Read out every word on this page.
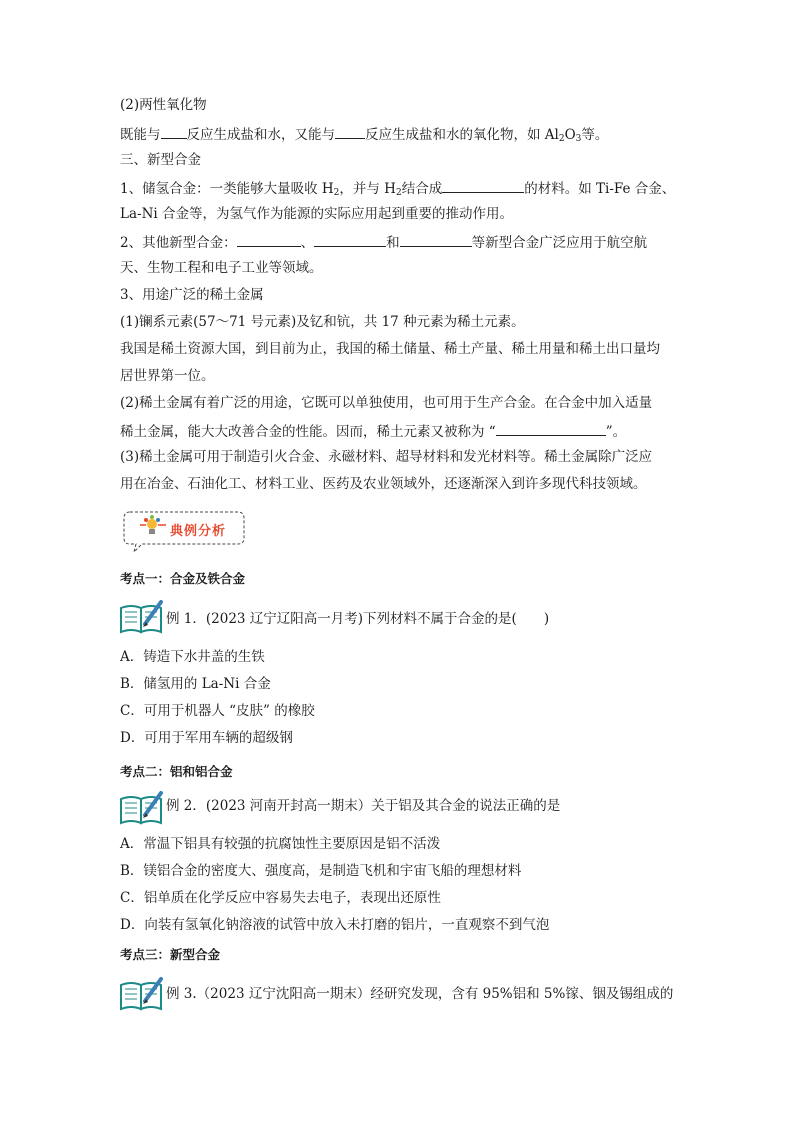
(2)两性氧化物
既能与 反应生成盐和水，又能与 反应生成盐和水的氧化物，如 $Al_2O_3$等。
三、新型合金
1、储氢合金：一类能够大量吸收 $H_2$，并与 $H_2$结合成	的材料。如 Ti-Fe 合金、
La-Ni 合金等，为氢气作为能源的实际应用起到重要的推动作用。
2、其他新型合金：	、	和	等新型合金广泛应用于航空航
天、生物工程和电子工业等领域。
3、用途广泛的稀土金属
(1)镧系元素(57～71 号元素)及钇和钪，共 17 种元素为稀土元素。
我国是稀土资源大国，到目前为止，我国的稀土储量、稀土产量、稀土用量和稀土出口量均
居世界第一位。
(2)稀土金属有着广泛的用途，它既可以单独使用，也可用于生产合金。在合金中加入适量
稀土金属，能大大改善合金的性能。因而，稀土元素又被称为 “	”。
(3)稀土金属可用于制造引火合金、永磁材料、超导材料和发光材料等。稀土金属除广泛应
用在冶金、石油化工、材料工业、医药及农业领域外，还逐渐深入到许多现代科技领域。
典例分析
考点一：合金及铁合金
例 1．(2023 辽宁辽阳高一月考)下列材料不属于合金的是(　　)
A．铸造下水井盖的生铁
B．储氢用的 La-Ni 合金
C．可用于机器人 “皮肤” 的橡胶
D．可用于军用车辆的超级钢
考点二：铝和铝合金
例 2．(2023 河南开封高一期末）关于铝及其合金的说法正确的是
A．常温下铝具有较强的抗腐蚀性主要原因是铝不活泼
B．镁铝合金的密度大、强度高，是制造飞机和宇宙飞船的理想材料
C．铝单质在化学反应中容易失去电子，表现出还原性
D．向装有氢氧化钠溶液的试管中放入未打磨的铝片，一直观察不到气泡
考点三：新型合金
例 3.（2023 辽宁沈阳高一期末）经研究发现，含有 95%铝和 5%镓、铟及锡组成的
